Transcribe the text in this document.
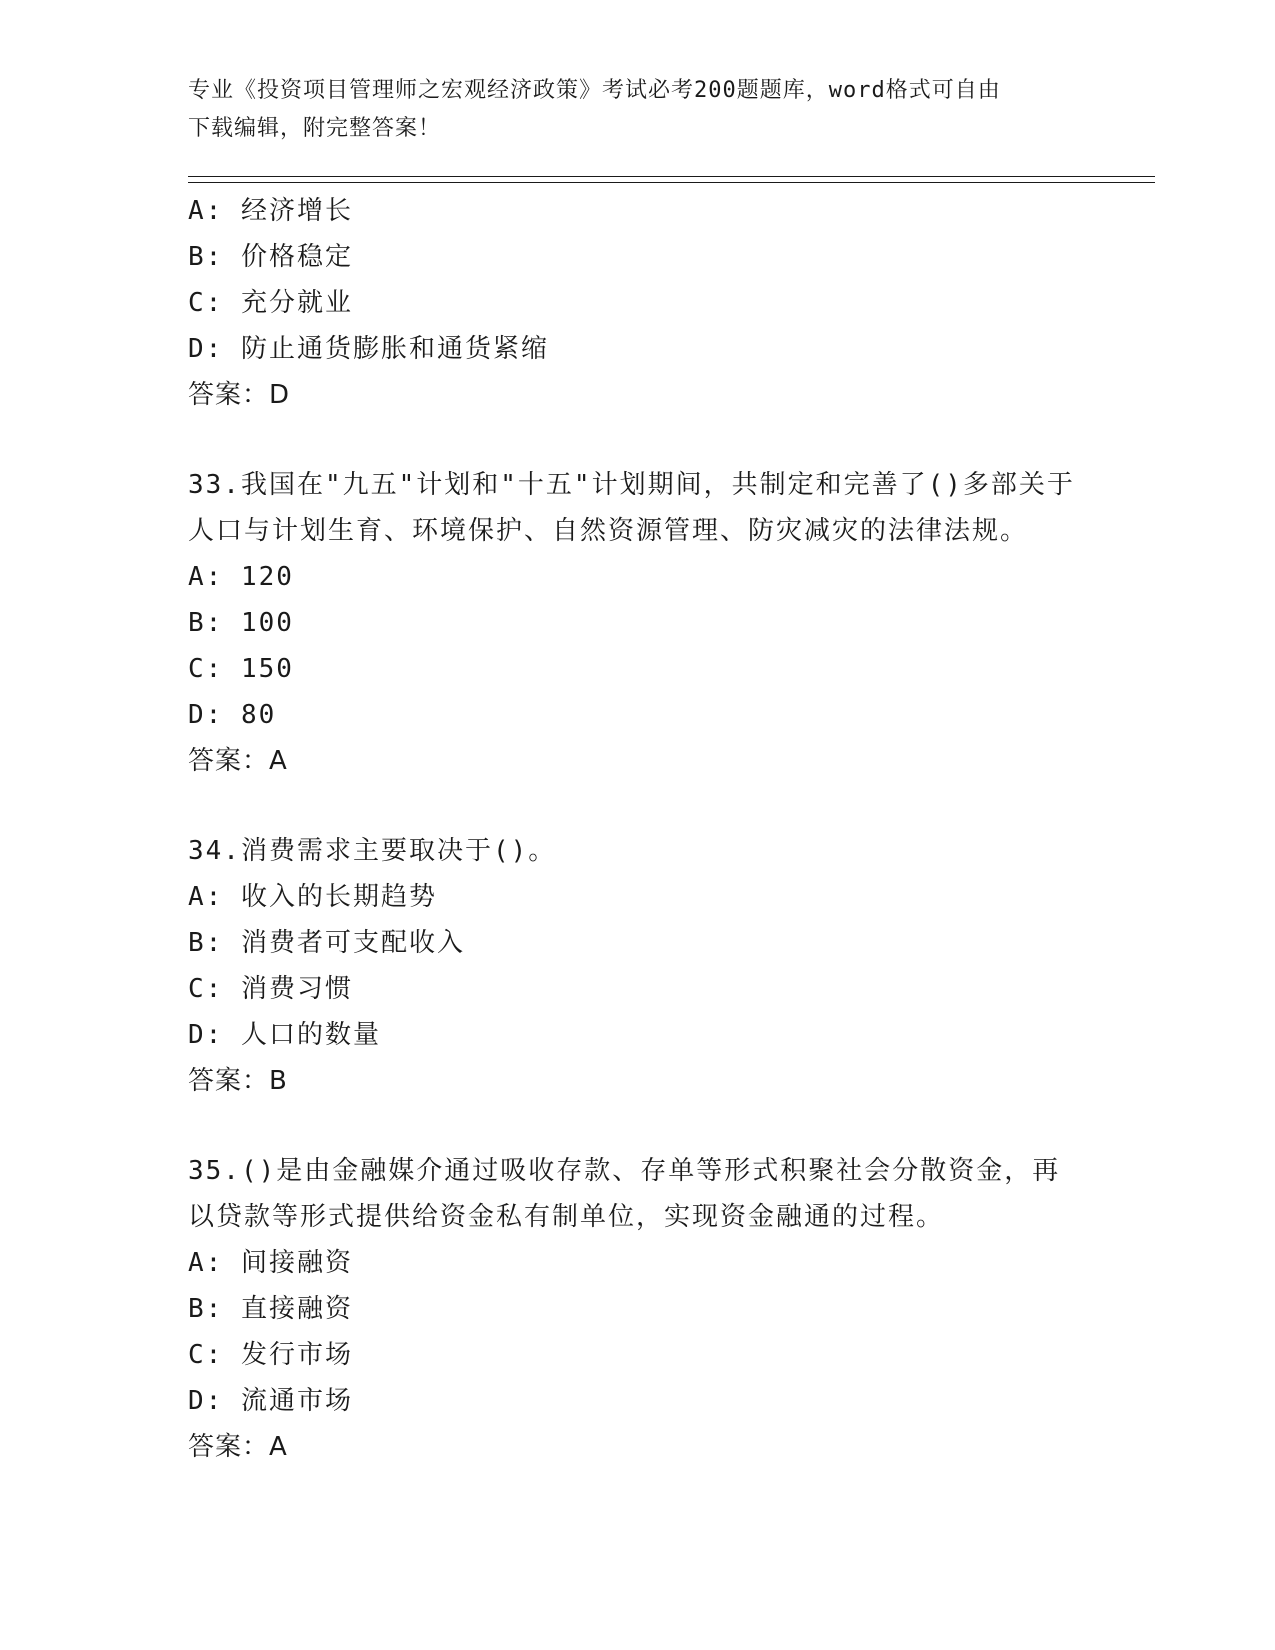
专业《投资项目管理师之宏观经济政策》考试必考200题题库，word格式可自由
下载编辑，附完整答案！
A: 经济增长
B: 价格稳定
C: 充分就业
D: 防止通货膨胀和通货紧缩
答案：D
33.我国在"九五"计划和"十五"计划期间，共制定和完善了()多部关于
人口与计划生育、环境保护、自然资源管理、防灾减灾的法律法规。
A: 120
B: 100
C: 150
D: 80
答案：A
34.消费需求主要取决于()。
A: 收入的长期趋势
B: 消费者可支配收入
C: 消费习惯
D: 人口的数量
答案：B
35.()是由金融媒介通过吸收存款、存单等形式积聚社会分散资金，再
以贷款等形式提供给资金私有制单位，实现资金融通的过程。
A: 间接融资
B: 直接融资
C: 发行市场
D: 流通市场
答案：A
